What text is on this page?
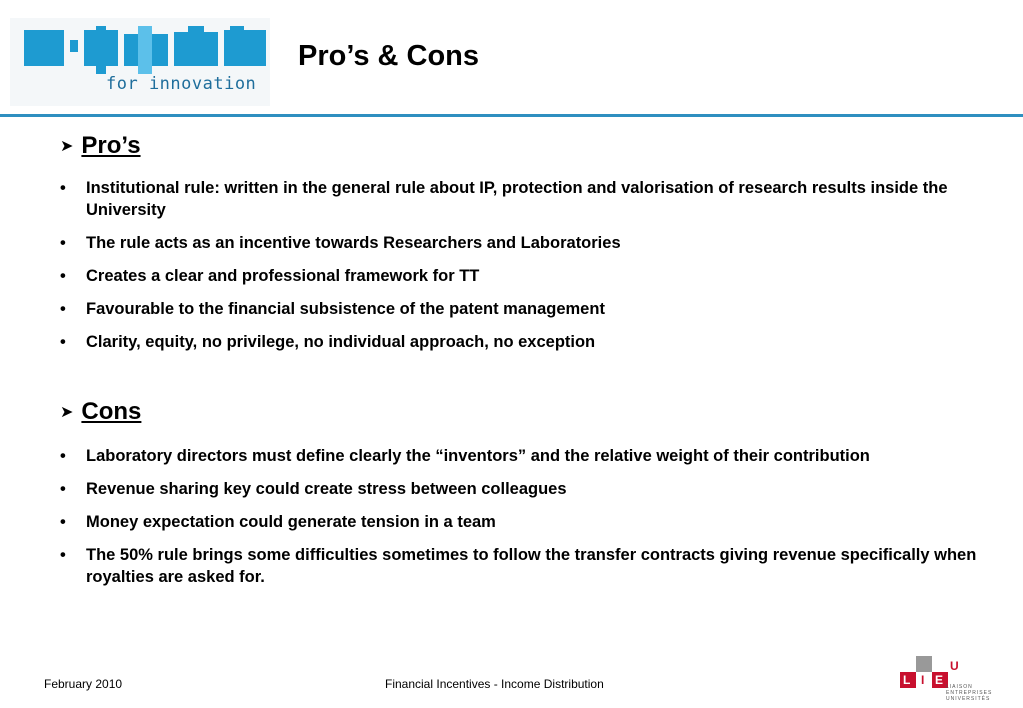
for innovation
Pro’s & Cons
➤ Pro’s
• Institutional rule: written in the general rule about IP, protection and valorisation of research results inside the University
• The rule acts as an incentive towards Researchers and Laboratories
• Creates a clear and professional framework for TT
• Favourable to the financial subsistence of the patent management
• Clarity, equity, no privilege, no individual approach, no exception
➤ Cons
• Laboratory directors must define clearly the “inventors” and the relative weight of their contribution
• Revenue sharing key could create stress between colleagues
• Money expectation could generate tension in a team
• The 50% rule brings some difficulties sometimes to follow the transfer contracts giving revenue specifically when royalties are asked for.
February 2010	Financial Incentives - Income Distribution	L I E
U
LIAISON ENTREPRISES UNIVERSITÉS
